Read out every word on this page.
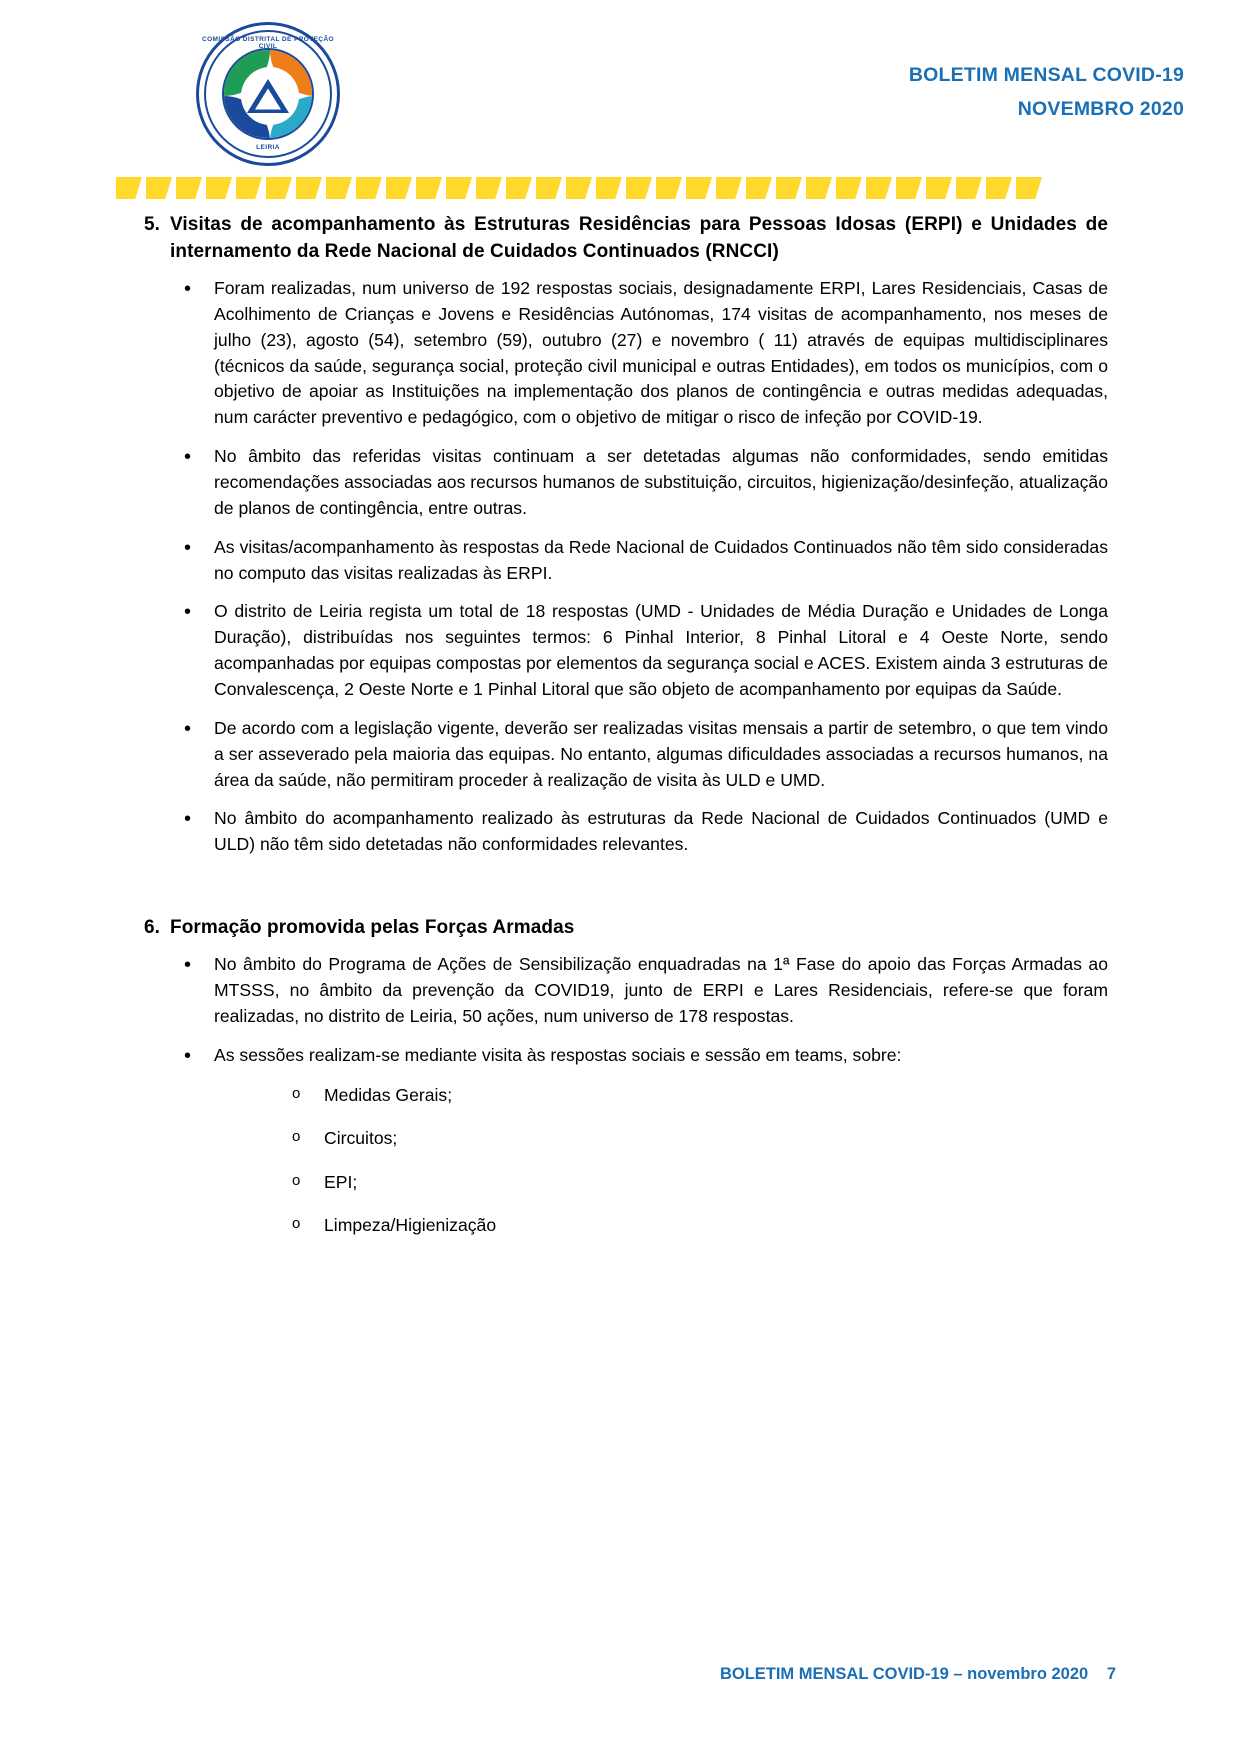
COMISSÃO DISTRITAL DE PROTEÇÃO CIVIL
LEIRIA
BOLETIM MENSAL COVID-19
NOVEMBRO 2020
5. Visitas de acompanhamento às Estruturas Residências para Pessoas Idosas (ERPI) e Unidades de internamento da Rede Nacional de Cuidados Continuados (RNCCI)
• Foram realizadas, num universo de 192 respostas sociais, designadamente ERPI, Lares Residenciais, Casas de Acolhimento de Crianças e Jovens e Residências Autónomas, 174 visitas de acompanhamento, nos meses de julho (23), agosto (54), setembro (59), outubro (27) e novembro ( 11) através de equipas multidisciplinares (técnicos da saúde, segurança social, proteção civil municipal e outras Entidades), em todos os municípios, com o objetivo de apoiar as Instituições na implementação dos planos de contingência e outras medidas adequadas, num carácter preventivo e pedagógico, com o objetivo de mitigar o risco de infeção por COVID-19.
• No âmbito das referidas visitas continuam a ser detetadas algumas não conformidades, sendo emitidas recomendações associadas aos recursos humanos de substituição, circuitos, higienização/desinfeção, atualização de planos de contingência, entre outras.
• As visitas/acompanhamento às respostas da Rede Nacional de Cuidados Continuados não têm sido consideradas no computo das visitas realizadas às ERPI.
• O distrito de Leiria regista um total de 18 respostas (UMD - Unidades de Média Duração e Unidades de Longa Duração), distribuídas nos seguintes termos: 6 Pinhal Interior, 8 Pinhal Litoral e 4 Oeste Norte, sendo acompanhadas por equipas compostas por elementos da segurança social e ACES. Existem ainda 3 estruturas de Convalescença, 2 Oeste Norte e 1 Pinhal Litoral que são objeto de acompanhamento por equipas da Saúde.
• De acordo com a legislação vigente, deverão ser realizadas visitas mensais a partir de setembro, o que tem vindo a ser asseverado pela maioria das equipas. No entanto, algumas dificuldades associadas a recursos humanos, na área da saúde, não permitiram proceder à realização de visita às ULD e UMD.
• No âmbito do acompanhamento realizado às estruturas da Rede Nacional de Cuidados Continuados (UMD e ULD) não têm sido detetadas não conformidades relevantes.
6. Formação promovida pelas Forças Armadas
• No âmbito do Programa de Ações de Sensibilização enquadradas na 1ª Fase do apoio das Forças Armadas ao MTSSS, no âmbito da prevenção da COVID19, junto de ERPI e Lares Residenciais, refere-se que foram realizadas, no distrito de Leiria, 50 ações, num universo de 178 respostas.
• As sessões realizam-se mediante visita às respostas sociais e sessão em teams, sobre:
o Medidas Gerais;
o Circuitos;
o EPI;
o Limpeza/Higienização
BOLETIM MENSAL COVID-19 – novembro 2020 7
